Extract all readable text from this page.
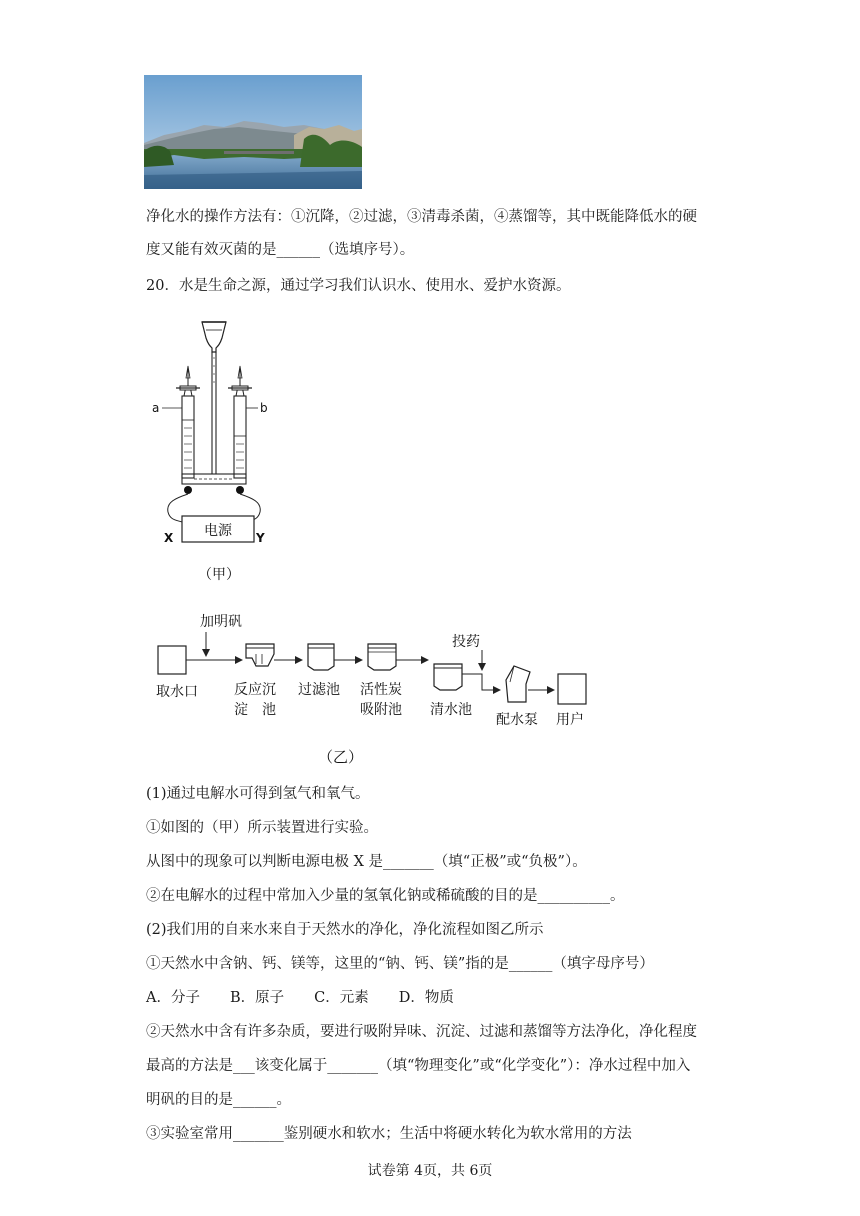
净化水的操作方法有：①沉降，②过滤，③清毒杀菌，④蒸馏等，其中既能降低水的硬
度又能有效灭菌的是______（选填序号）。
20．水是生命之源，通过学习我们认识水、使用水、爱护水资源。
电源
a	b
X	Y
（甲）
取水口
加明矾
反应沉
淀　池
过滤池 活性炭
吸附池 清水池
投药
配水泵 用户
（乙）
(1)通过电解水可得到氢气和氧气。
①如图的（甲）所示装置进行实验。
从图中的现象可以判断电源电极 X 是_______（填“正极”或“负极”）。
②在电解水的过程中常加入少量的氢氧化钠或稀硫酸的目的是__________。
(2)我们用的自来水来自于天然水的净化，净化流程如图乙所示
①天然水中含钠、钙、镁等，这里的“钠、钙、镁”指的是______（填字母序号）
A．分子 B．原子 C．元素 D．物质
②天然水中含有许多杂质，要进行吸附异味、沉淀、过滤和蒸馏等方法净化，净化程度
最高的方法是___该变化属于_______（填“物理变化”或“化学变化”）：净水过程中加入
明矾的目的是______。
③实验室常用_______鉴别硬水和软水；生活中将硬水转化为软水常用的方法
试卷第 4页，共 6页
